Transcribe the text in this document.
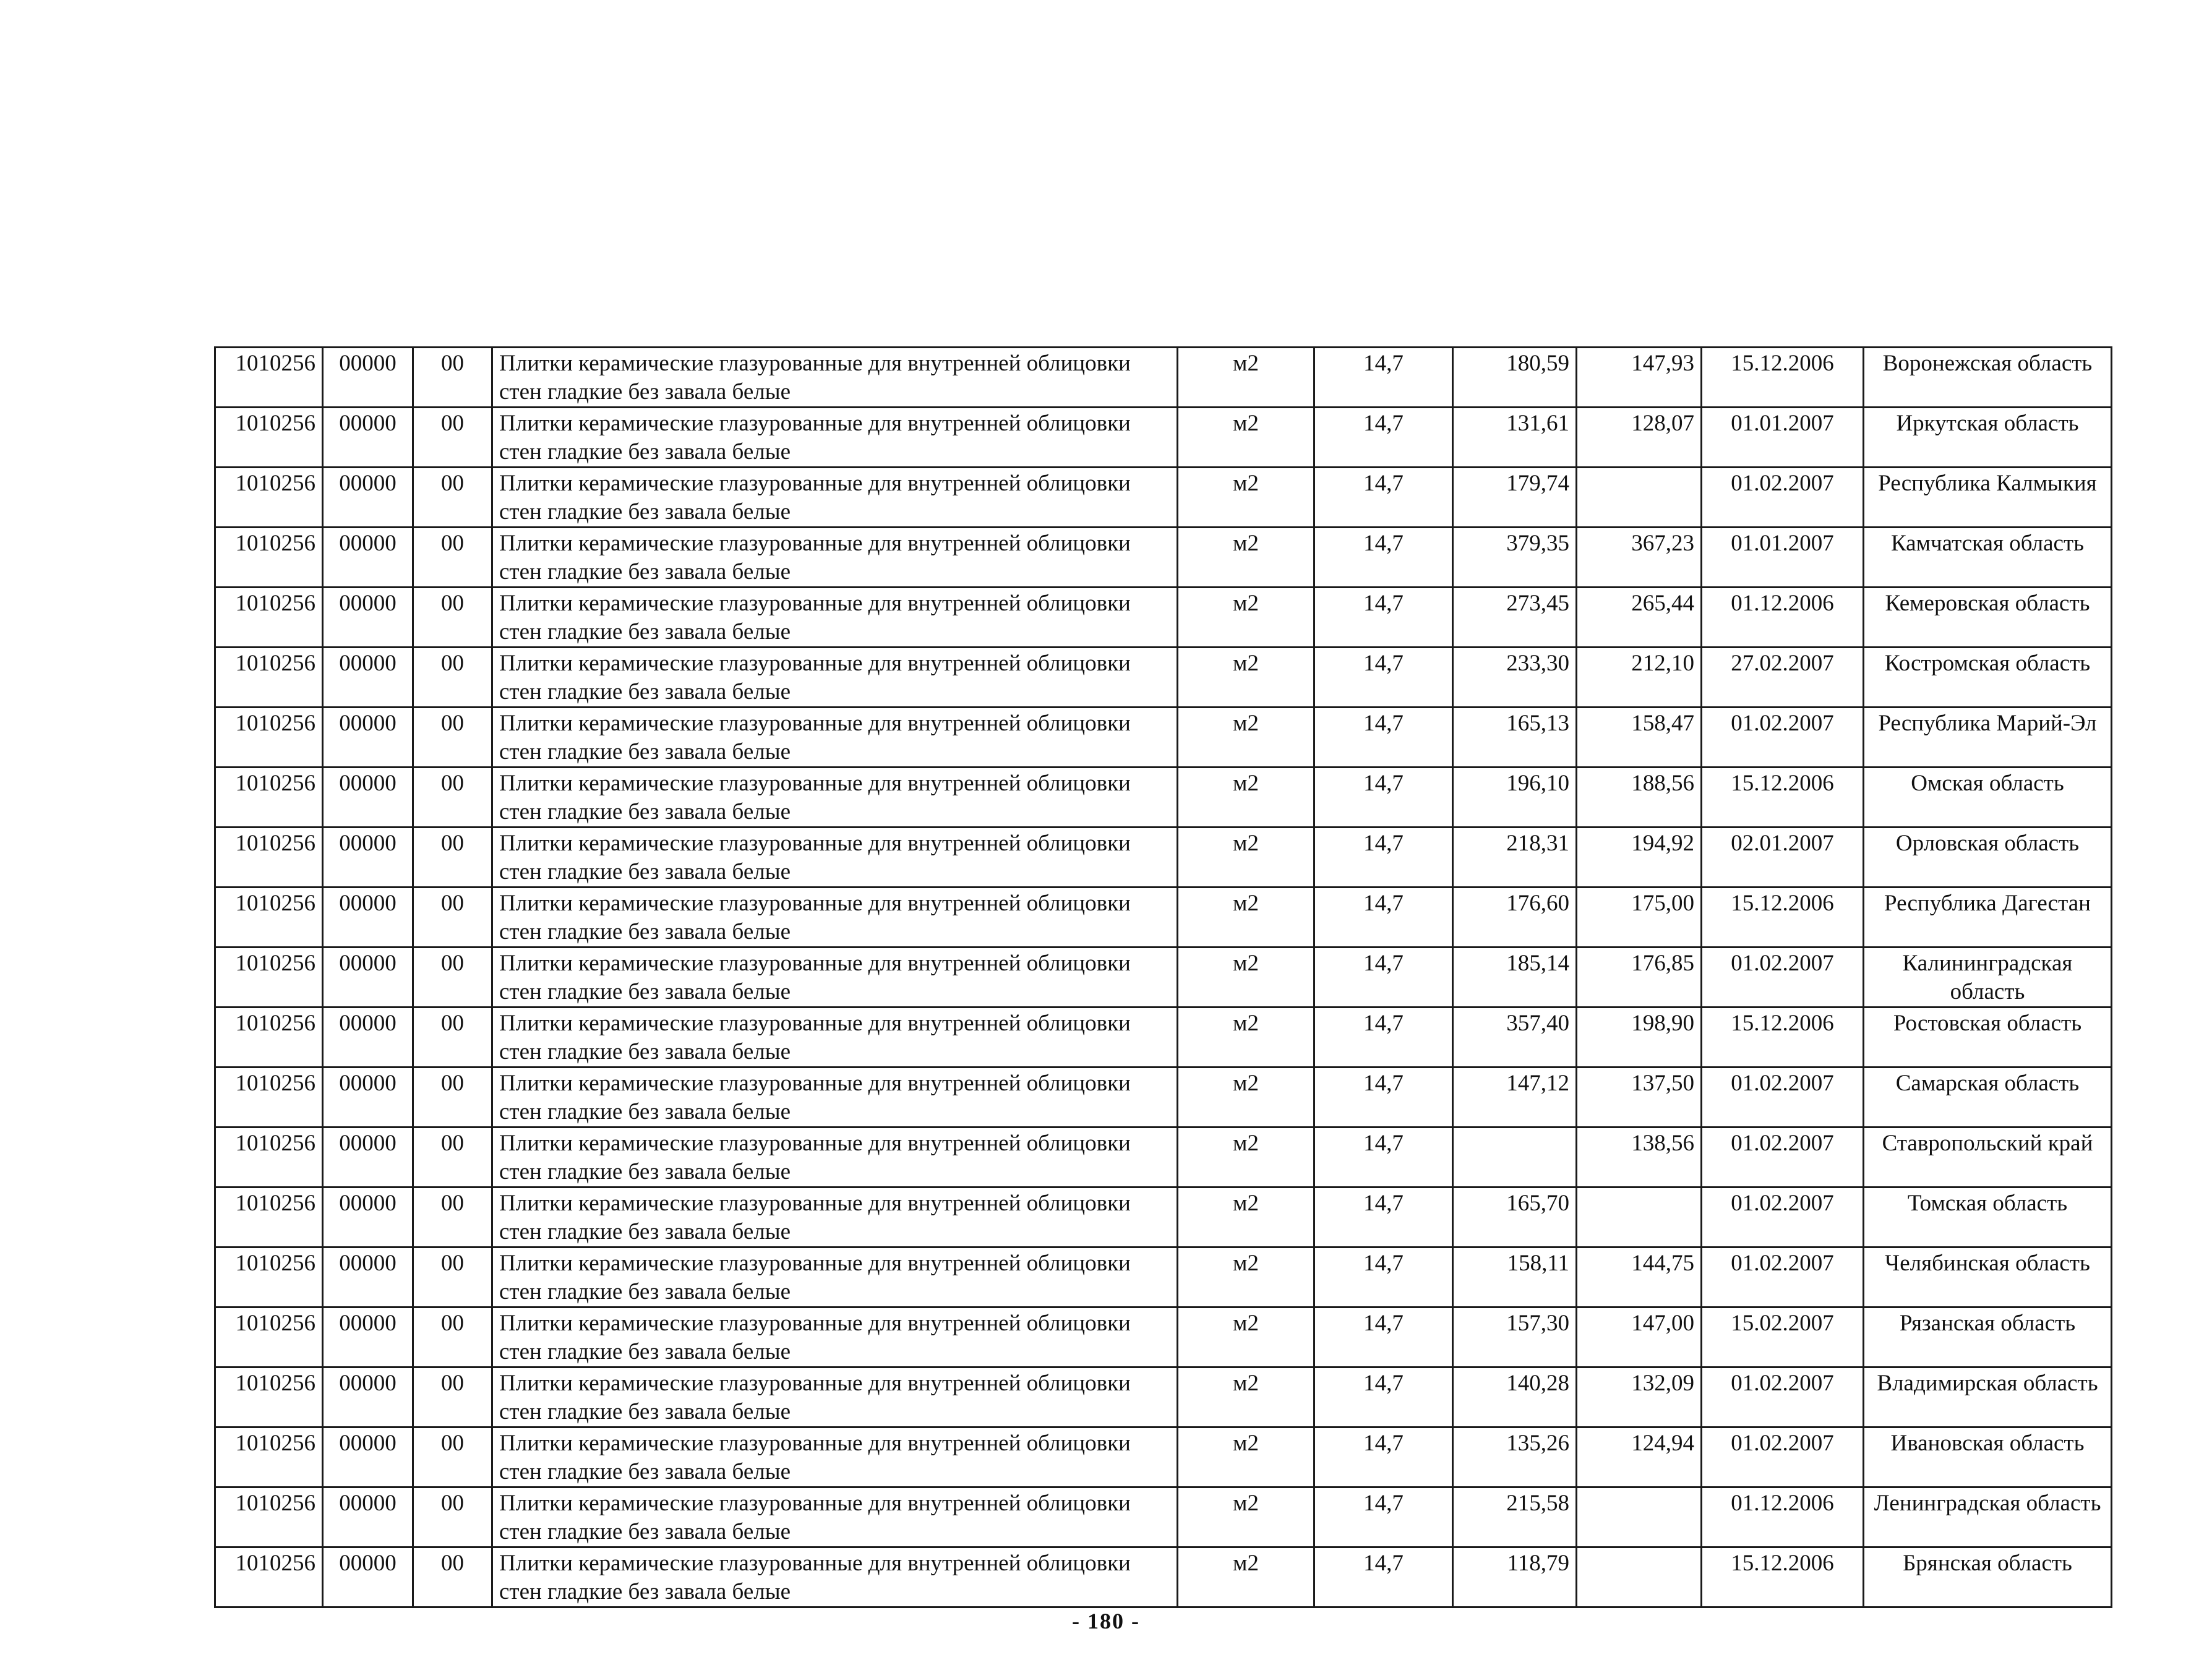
1010256	00000	00	Плитки керамические глазурованные для внутренней облицовки стен гладкие без завала белые	м2	14,7	180,59	147,93	15.12.2006	Воронежская область
1010256	00000	00	Плитки керамические глазурованные для внутренней облицовки стен гладкие без завала белые	м2	14,7	131,61	128,07	01.01.2007	Иркутская область
1010256	00000	00	Плитки керамические глазурованные для внутренней облицовки стен гладкие без завала белые	м2	14,7	179,74		01.02.2007	Республика Калмыкия
1010256	00000	00	Плитки керамические глазурованные для внутренней облицовки стен гладкие без завала белые	м2	14,7	379,35	367,23	01.01.2007	Камчатская область
1010256	00000	00	Плитки керамические глазурованные для внутренней облицовки стен гладкие без завала белые	м2	14,7	273,45	265,44	01.12.2006	Кемеровская область
1010256	00000	00	Плитки керамические глазурованные для внутренней облицовки стен гладкие без завала белые	м2	14,7	233,30	212,10	27.02.2007	Костромская область
1010256	00000	00	Плитки керамические глазурованные для внутренней облицовки стен гладкие без завала белые	м2	14,7	165,13	158,47	01.02.2007	Республика Марий-Эл
1010256	00000	00	Плитки керамические глазурованные для внутренней облицовки стен гладкие без завала белые	м2	14,7	196,10	188,56	15.12.2006	Омская область
1010256	00000	00	Плитки керамические глазурованные для внутренней облицовки стен гладкие без завала белые	м2	14,7	218,31	194,92	02.01.2007	Орловская область
1010256	00000	00	Плитки керамические глазурованные для внутренней облицовки стен гладкие без завала белые	м2	14,7	176,60	175,00	15.12.2006	Республика Дагестан
1010256	00000	00	Плитки керамические глазурованные для внутренней облицовки стен гладкие без завала белые	м2	14,7	185,14	176,85	01.02.2007	Калининградская область
1010256	00000	00	Плитки керамические глазурованные для внутренней облицовки стен гладкие без завала белые	м2	14,7	357,40	198,90	15.12.2006	Ростовская область
1010256	00000	00	Плитки керамические глазурованные для внутренней облицовки стен гладкие без завала белые	м2	14,7	147,12	137,50	01.02.2007	Самарская область
1010256	00000	00	Плитки керамические глазурованные для внутренней облицовки стен гладкие без завала белые	м2	14,7		138,56	01.02.2007	Ставропольский край
1010256	00000	00	Плитки керамические глазурованные для внутренней облицовки стен гладкие без завала белые	м2	14,7	165,70		01.02.2007	Томская область
1010256	00000	00	Плитки керамические глазурованные для внутренней облицовки стен гладкие без завала белые	м2	14,7	158,11	144,75	01.02.2007	Челябинская область
1010256	00000	00	Плитки керамические глазурованные для внутренней облицовки стен гладкие без завала белые	м2	14,7	157,30	147,00	15.02.2007	Рязанская область
1010256	00000	00	Плитки керамические глазурованные для внутренней облицовки стен гладкие без завала белые	м2	14,7	140,28	132,09	01.02.2007	Владимирская область
1010256	00000	00	Плитки керамические глазурованные для внутренней облицовки стен гладкие без завала белые	м2	14,7	135,26	124,94	01.02.2007	Ивановская область
1010256	00000	00	Плитки керамические глазурованные для внутренней облицовки стен гладкие без завала белые	м2	14,7	215,58		01.12.2006	Ленинградская область
1010256	00000	00	Плитки керамические глазурованные для внутренней облицовки стен гладкие без завала белые	м2	14,7	118,79		15.12.2006	Брянская область
- 180 -
